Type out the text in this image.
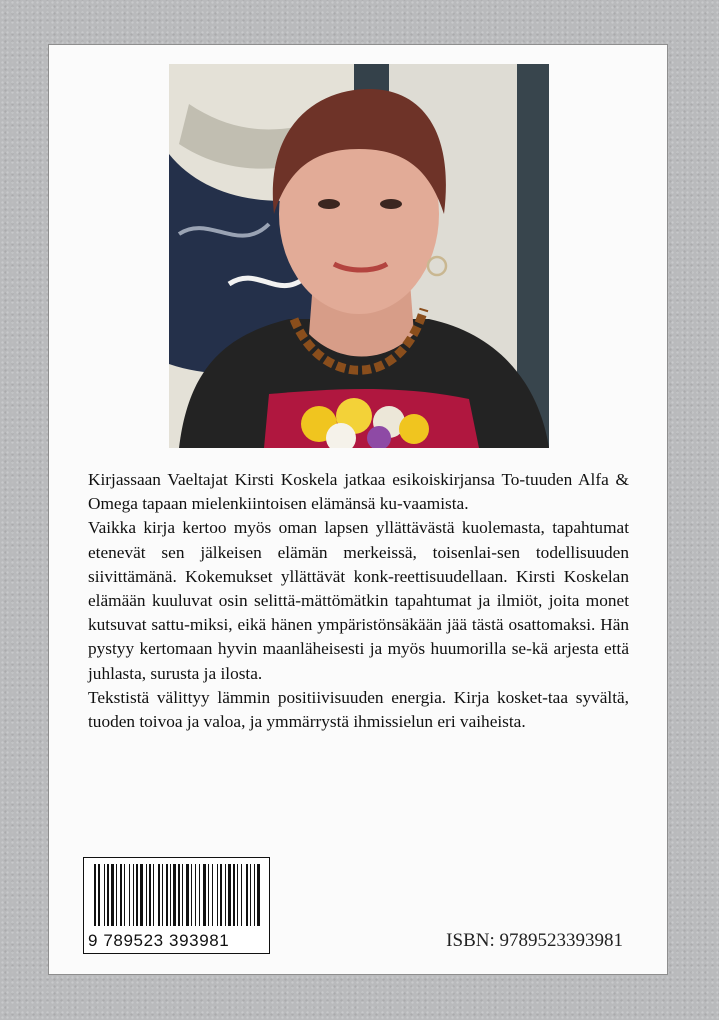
Kirjassaan Vaeltajat Kirsti Koskela jatkaa esikoiskirjansa To-tuuden Alfa & Omega tapaan mielenkiintoisen elämänsä ku-vaamista.

Vaikka kirja kertoo myös oman lapsen yllättävästä kuolemasta, tapahtumat etenevät sen jälkeisen elämän merkeissä, toisenlai-sen todellisuuden siivittämänä. Kokemukset yllättävät konk-reettisuudellaan. Kirsti Koskelan elämään kuuluvat osin selittä-mättömätkin tapahtumat ja ilmiöt, joita monet kutsuvat sattu-miksi, eikä hänen ympäristönsäkään jää tästä osattomaksi. Hän pystyy kertomaan hyvin maanläheisesti ja myös huumorilla se-kä arjesta että juhlasta, surusta ja ilosta.

Tekstistä välittyy lämmin positiivisuuden energia. Kirja kosket-taa syvältä, tuoden toivoa ja valoa, ja ymmärrystä ihmissielun eri vaiheista.

9 789523 393981	ISBN: 9789523393981
